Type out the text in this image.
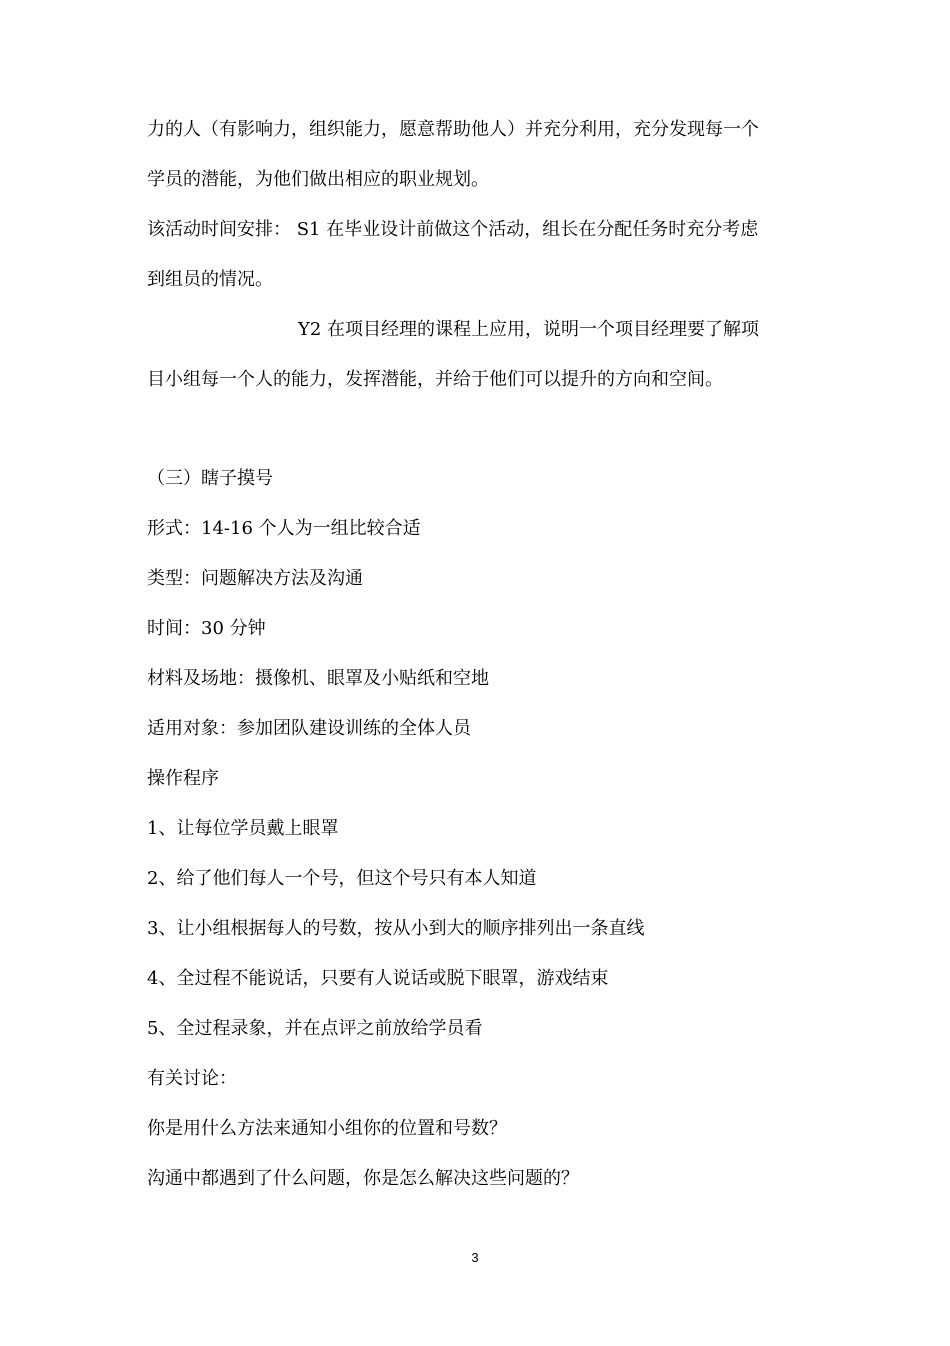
力的人（有影响力，组织能力，愿意帮助他人）并充分利用，充分发现每一个
学员的潜能，为他们做出相应的职业规划。
该活动时间安排： S1 在毕业设计前做这个活动，组长在分配任务时充分考虑
到组员的情况。
Y2 在项目经理的课程上应用，说明一个项目经理要了解项
目小组每一个人的能力，发挥潜能，并给于他们可以提升的方向和空间。
（三）瞎子摸号
形式：14-16 个人为一组比较合适
类型：问题解决方法及沟通
时间：30 分钟
材料及场地：摄像机、眼罩及小贴纸和空地
适用对象：参加团队建设训练的全体人员
操作程序
1、让每位学员戴上眼罩
2、给了他们每人一个号，但这个号只有本人知道
3、让小组根据每人的号数，按从小到大的顺序排列出一条直线
4、全过程不能说话，只要有人说话或脱下眼罩，游戏结束
5、全过程录象，并在点评之前放给学员看
有关讨论：
你是用什么方法来通知小组你的位置和号数？
沟通中都遇到了什么问题，你是怎么解决这些问题的？
3
